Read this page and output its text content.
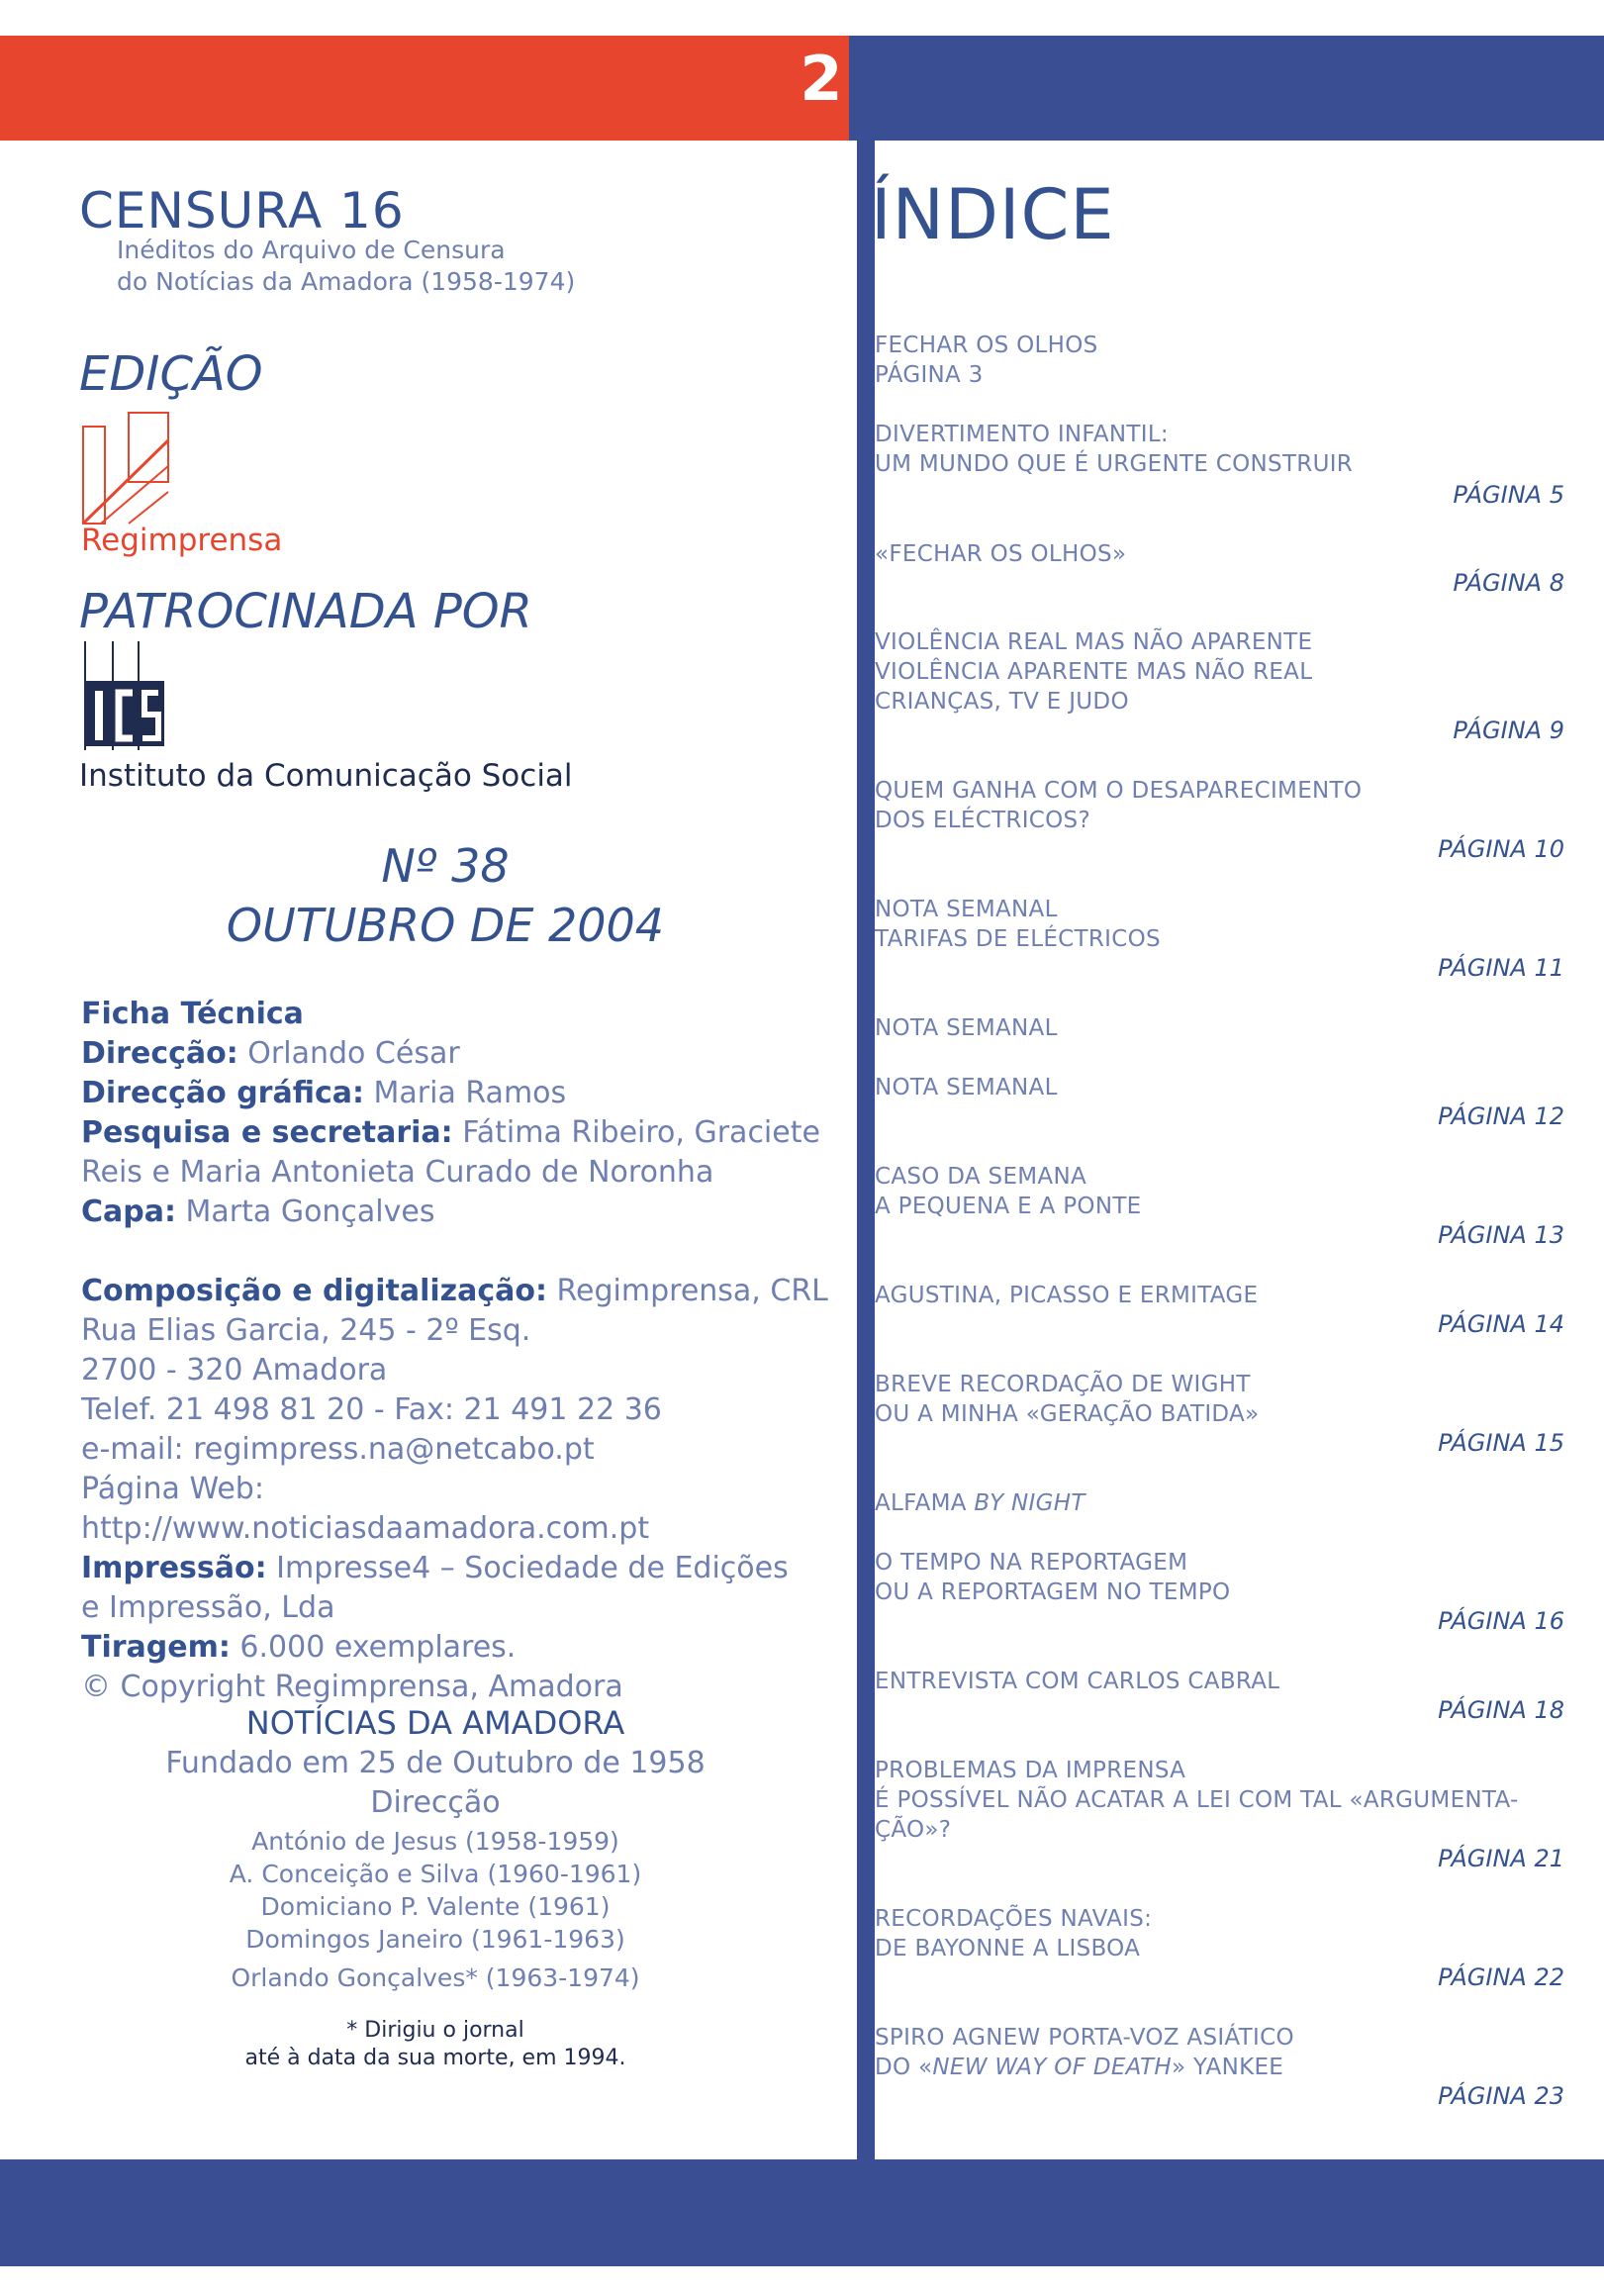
2
CENSURA 16
Inéditos do Arquivo de Censura
do Notícias da Amadora (1958-1974)
EDIÇÃO
Regimprensa
PATROCINADA POR
Instituto da Comunicação Social
Nº 38
OUTUBRO DE 2004

Ficha Técnica

Direcção: Orlando César

Direcção gráfica: Maria Ramos

Pesquisa e secretaria: Fátima Ribeiro, Graciete

Reis e Maria Antonieta Curado de Noronha

Capa: Marta Gonçalves

Composição e digitalização: Regimprensa, CRL

Rua Elias Garcia, 245 - 2º Esq.

2700 - 320 Amadora

Telef. 21 498 81 20 - Fax: 21 491 22 36

e-mail: regimpress.na@netcabo.pt

Página Web: http://www.noticiasdaamadora.com.pt

Impressão: Impresse4 – Sociedade de Edições

e Impressão, Lda

Tiragem: 6.000 exemplares.

© Copyright Regimprensa, Amadora

NOTÍCIAS DA AMADORA
Fundado em 25 de Outubro de 1958
Direcção
António de Jesus (1958-1959)
A. Conceição e Silva (1960-1961)
Domiciano P. Valente (1961)
Domingos Janeiro (1961-1963)
Orlando Gonçalves* (1963-1974)
* Dirigiu o jornal
até à data da sua morte, em 1994.
ÍNDICE
FECHAR OS OLHOS
PÁGINA 3
DIVERTIMENTO INFANTIL:
UM MUNDO QUE É URGENTE CONSTRUIR
PÁGINA 5
«FECHAR OS OLHOS»
PÁGINA 8
VIOLÊNCIA REAL MAS NÃO APARENTE
VIOLÊNCIA APARENTE MAS NÃO REAL
CRIANÇAS, TV E JUDO
PÁGINA 9
QUEM GANHA COM O DESAPARECIMENTO
DOS ELÉCTRICOS?
PÁGINA 10
NOTA SEMANAL
TARIFAS DE ELÉCTRICOS
PÁGINA 11
NOTA SEMANAL
NOTA SEMANAL
PÁGINA 12
CASO DA SEMANA
A PEQUENA E A PONTE
PÁGINA 13
AGUSTINA, PICASSO E ERMITAGE
PÁGINA 14
BREVE RECORDAÇÃO DE WIGHT
OU A MINHA «GERAÇÃO BATIDA»
PÁGINA 15
ALFAMA BY NIGHT
O TEMPO NA REPORTAGEM
OU A REPORTAGEM NO TEMPO
PÁGINA 16
ENTREVISTA COM CARLOS CABRAL
PÁGINA 18
PROBLEMAS DA IMPRENSA
É POSSÍVEL NÃO ACATAR A LEI COM TAL «ARGUMENTA-
ÇÃO»?
PÁGINA 21
RECORDAÇÕES NAVAIS:
DE BAYONNE A LISBOA
PÁGINA 22
SPIRO AGNEW PORTA-VOZ ASIÁTICO
DO «NEW WAY OF DEATH» YANKEE
PÁGINA 23
